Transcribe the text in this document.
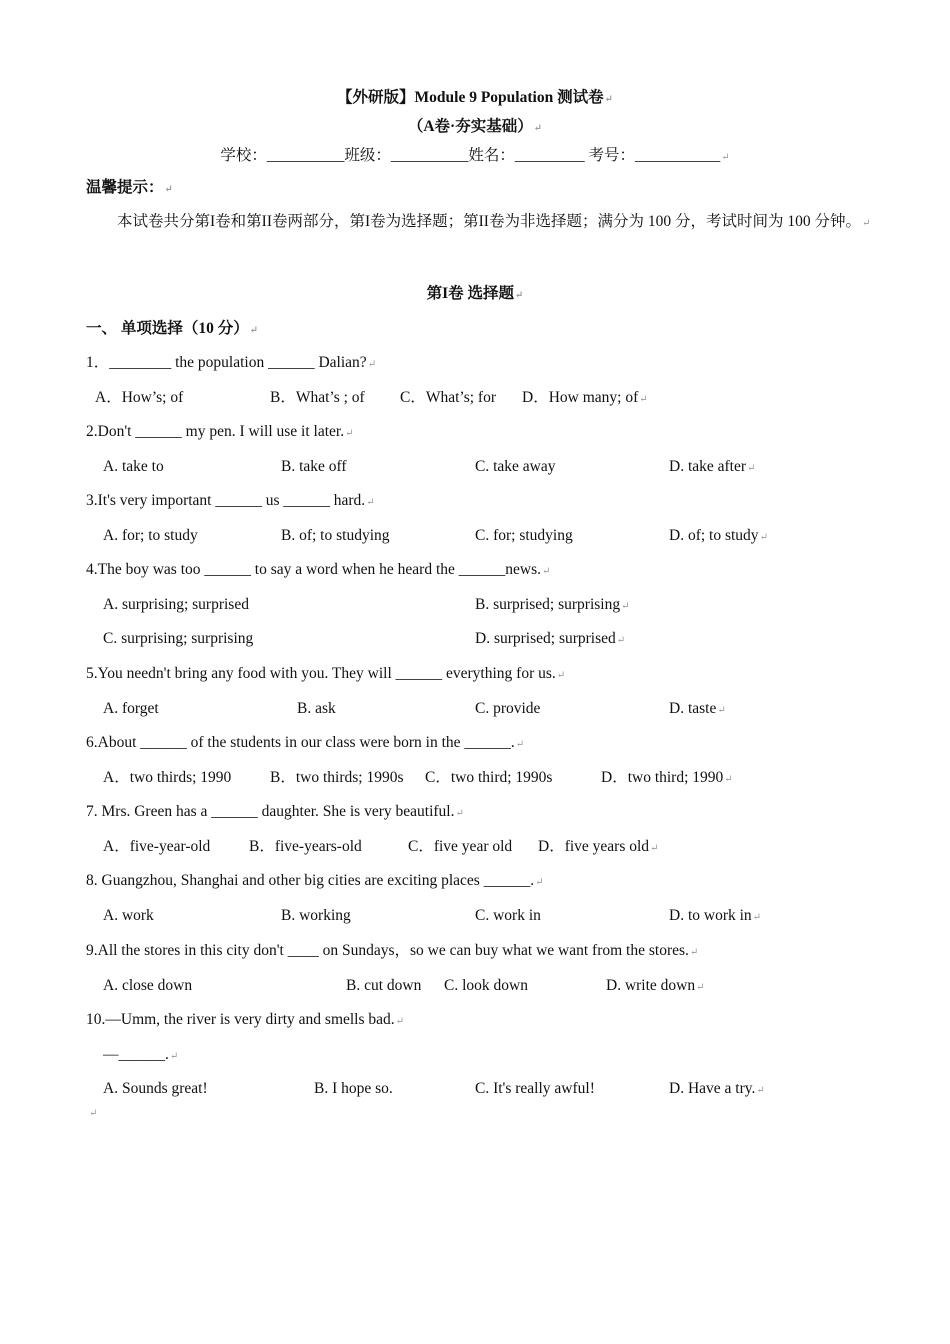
【外研版】Module 9 Population 测试卷↵
（A卷·夯实基础）↵
学校：__________班级：__________姓名：_________ 考号：___________↵
温馨提示：↵
本试卷共分第I卷和第II卷两部分，第I卷为选择题；第II卷为非选择题；满分为 100 分，考试时间为 100 分钟。↵
第I卷 选择题↵
一、 单项选择（10 分）↵
1．________ the population ______ Dalian?↵
A．How’s; of	B．What’s ; of C．What’s; for D．How many; of↵
2.Don't ______ my pen. I will use it later.↵
A. take to	B. take off	C. take away	D. take after↵
3.It's very important ______ us ______ hard.↵
A. for; to study	B. of; to studying	C. for; studying	D. of; to study↵
4.The boy was too ______ to say a word when he heard the ______news.↵
A. surprising; surprised	B. surprised; surprising↵
C. surprising; surprising	D. surprised; surprised↵
5.You needn't bring any food with you. They will ______ everything for us.↵
A. forget	B. ask	C. provide	D. taste↵
6.About ______ of the students in our class were born in the ______.↵
A．two thirds; 1990 B．two thirds; 1990s C．two third; 1990s	D．two third; 1990↵
7. Mrs. Green has a ______ daughter. She is very beautiful.↵
A．five-year-old B．five-years-old	C．five year old D．five years old↵
8. Guangzhou, Shanghai and other big cities are exciting places ______.↵
A. work	B. working	C. work in	D. to work in↵
9.All the stores in this city don't ____ on Sundays，so we can buy what we want from the stores.↵
A. close down	B. cut down C. look down	D. write down↵
10.—Umm, the river is very dirty and smells bad.↵
—______.↵
A. Sounds great!	B. I hope so.	C. It's really awful!	D. Have a try.↵
↵
